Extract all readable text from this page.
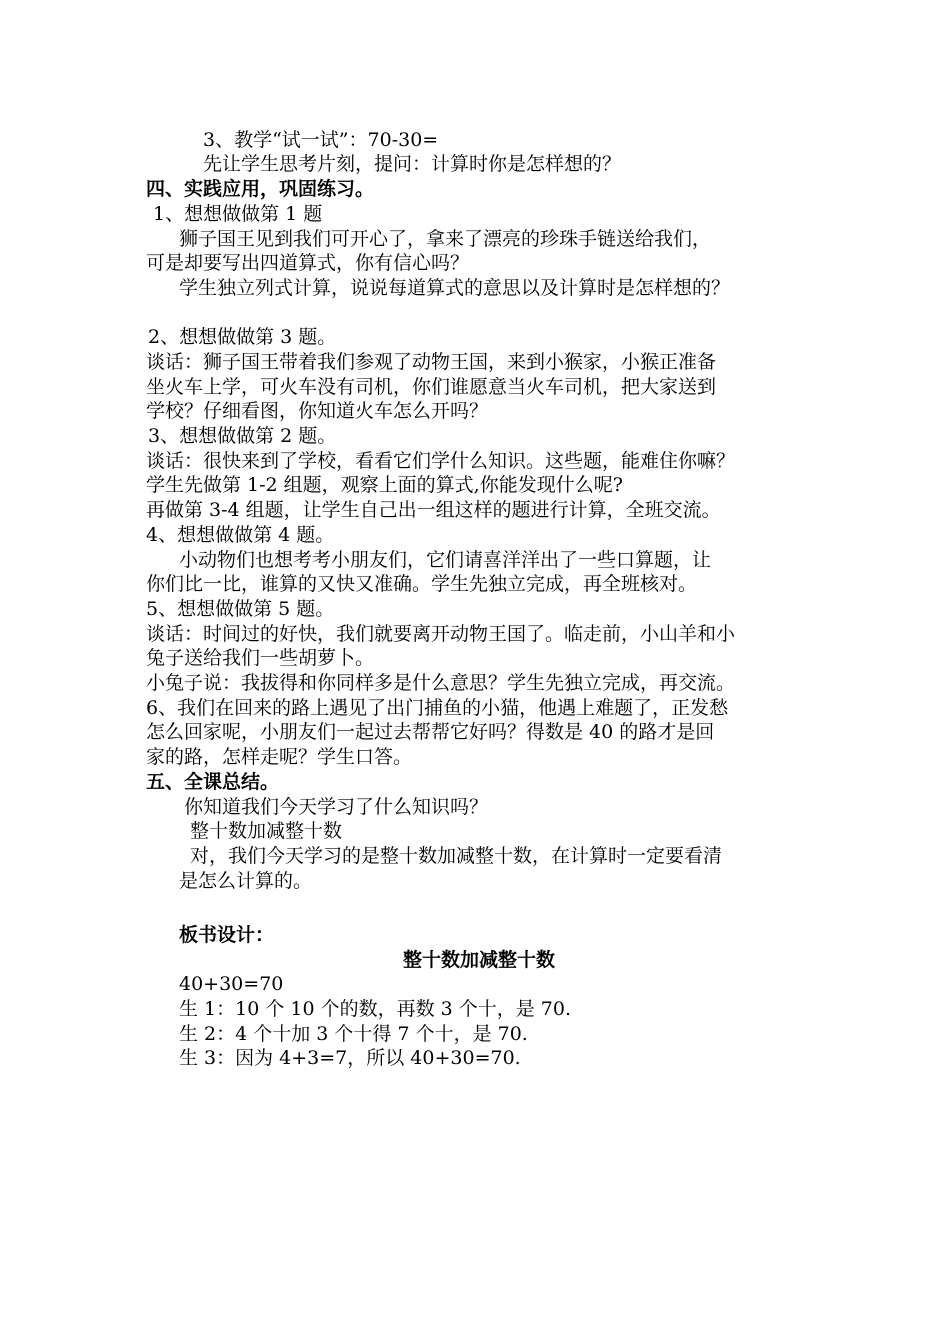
3、教学“试一试”：70-30=
先让学生思考片刻，提问：计算时你是怎样想的？
四、实践应用，巩固练习。
1、想想做做第 1 题
狮子国王见到我们可开心了，拿来了漂亮的珍珠手链送给我们，
可是却要写出四道算式，你有信心吗？
学生独立列式计算，说说每道算式的意思以及计算时是怎样想的？
2、想想做做第 3 题。
谈话：狮子国王带着我们参观了动物王国，来到小猴家，小猴正准备
坐火车上学，可火车没有司机，你们谁愿意当火车司机，把大家送到
学校？仔细看图，你知道火车怎么开吗？
3、想想做做第 2 题。
谈话：很快来到了学校，看看它们学什么知识。这些题，能难住你嘛？
学生先做第 1-2 组题，观察上面的算式,你能发现什么呢?
再做第 3-4 组题，让学生自己出一组这样的题进行计算，全班交流。
4、想想做做第 4 题。
小动物们也想考考小朋友们，它们请喜洋洋出了一些口算题，让
你们比一比，谁算的又快又准确。学生先独立完成，再全班核对。
5、想想做做第 5 题。
谈话：时间过的好快，我们就要离开动物王国了。临走前，小山羊和小
兔子送给我们一些胡萝卜。
小兔子说：我拔得和你同样多是什么意思？学生先独立完成，再交流。
6、我们在回来的路上遇见了出门捕鱼的小猫，他遇上难题了，正发愁
怎么回家呢，小朋友们一起过去帮帮它好吗？得数是 40 的路才是回
家的路，怎样走呢？学生口答。
五、全课总结。
你知道我们今天学习了什么知识吗？
整十数加减整十数
对，我们今天学习的是整十数加减整十数，在计算时一定要看清
是怎么计算的。
板书设计：
整十数加减整十数
40+30=70
生 1：10 个 10 个的数，再数 3 个十，是 70.
生 2：4 个十加 3 个十得 7 个十，是 70.
生 3：因为 4+3=7，所以 40+30=70.
